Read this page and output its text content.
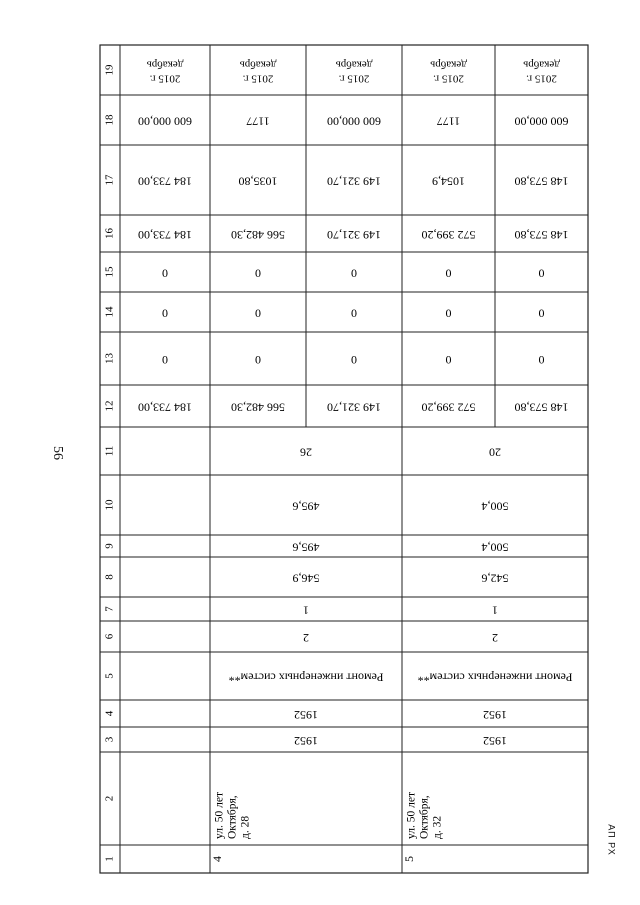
56
АП РХ
1
2
3
4
5
6
7
8
9
10
11
12
13
14
15
16
17
18
19
4
ул. 50 лет Октября, д. 28
1952
1952
Ремонт инженерных систем**
2
1
546,9
495,6
495,6
26
5
ул. 50 лет Октября, д. 32
1952
1952
Ремонт инженерных систем**
2
1
542,6
500,4
500,4
20
184 733,00
0
0
0
184 733,00
184 733,00
600 000,00
декабрь
2015 г.
566 482,30
0
0
0
566 482,30
1035,80
1177
декабрь
2015 г.
149 321,70
0
0
0
149 321,70
149 321,70
600 000,00
декабрь
2015 г.
572 399,20
0
0
0
572 399,20
1054,9
1177
декабрь
2015 г.
148 573,80
0
0
0
148 573,80
148 573,80
600 000,00
декабрь
2015 г.
